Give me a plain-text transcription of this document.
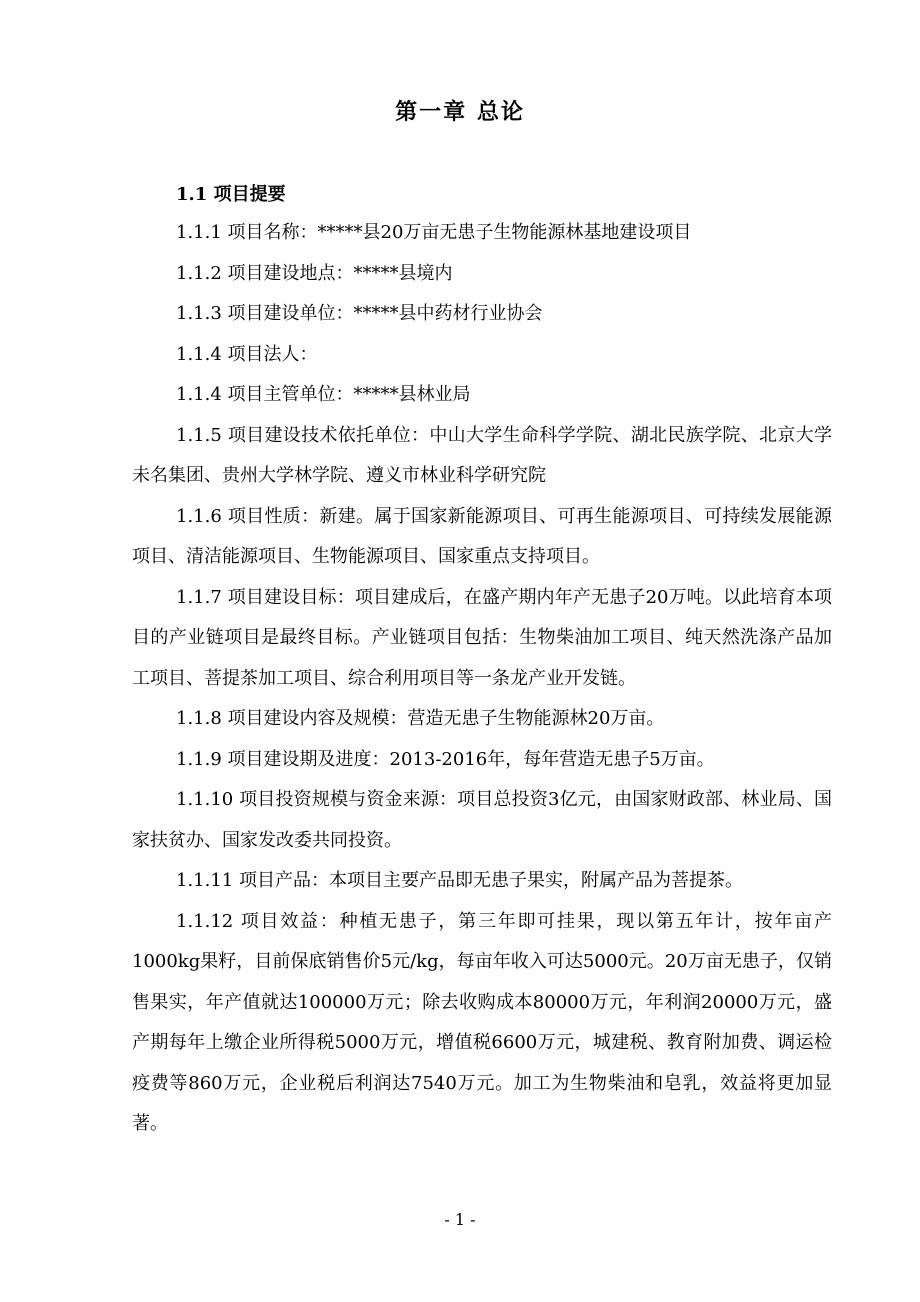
第一章 总论

1.1 项目提要

1.1.1 项目名称：*****县20万亩无患子生物能源林基地建设项目

1.1.2 项目建设地点：*****县境内

1.1.3 项目建设单位：*****县中药材行业协会

1.1.4 项目法人：

1.1.4 项目主管单位：*****县林业局

1.1.5 项目建设技术依托单位：中山大学生命科学学院、湖北民族学院、北京大学未名集团、贵州大学林学院、遵义市林业科学研究院

1.1.6 项目性质：新建。属于国家新能源项目、可再生能源项目、可持续发展能源项目、清洁能源项目、生物能源项目、国家重点支持项目。

1.1.7 项目建设目标：项目建成后，在盛产期内年产无患子20万吨。以此培育本项目的产业链项目是最终目标。产业链项目包括：生物柴油加工项目、纯天然洗涤产品加工项目、菩提茶加工项目、综合利用项目等一条龙产业开发链。

1.1.8 项目建设内容及规模：营造无患子生物能源林20万亩。

1.1.9 项目建设期及进度：2013-2016年，每年营造无患子5万亩。

1.1.10 项目投资规模与资金来源：项目总投资3亿元，由国家财政部、林业局、国家扶贫办、国家发改委共同投资。

1.1.11 项目产品：本项目主要产品即无患子果实，附属产品为菩提茶。

1.1.12 项目效益：种植无患子，第三年即可挂果，现以第五年计，按年亩产1000kg果籽，目前保底销售价5元/kg，每亩年收入可达5000元。20万亩无患子，仅销售果实，年产值就达100000万元；除去收购成本80000万元，年利润20000万元，盛产期每年上缴企业所得税5000万元，增值税6600万元，城建税、教育附加费、调运检疫费等860万元，企业税后利润达7540万元。加工为生物柴油和皂乳，效益将更加显著。

- 1 -
